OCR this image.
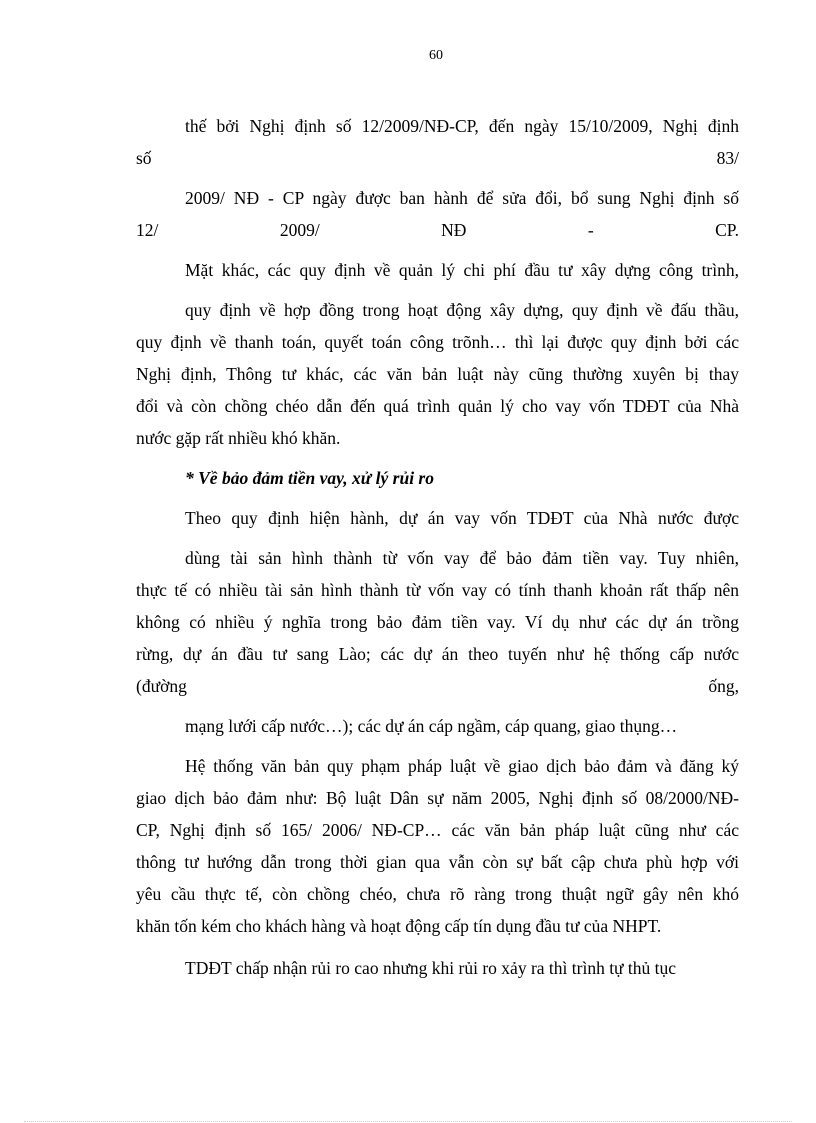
60
thế bởi Nghị định số 12/2009/NĐ-CP, đến ngày 15/10/2009, Nghị định
số	83/
2009/ NĐ - CP ngày được ban hành để sửa đổi, bổ sung Nghị định số
12/	2009/	NĐ	-	CP.
Mặt khác, các quy định về quản lý chi phí đầu tư xây dựng công trình,
quy định về hợp đồng trong hoạt động xây dựng, quy định về đấu thầu,
quy định về thanh toán, quyết toán công trõnh… thì lại được quy định bởi các
Nghị định, Thông tư khác, các văn bản luật này cũng thường xuyên bị thay
đổi và còn chồng chéo dẫn đến quá trình quản lý cho vay vốn TDĐT của Nhà
nước gặp rất nhiều khó khăn.
* Về bảo đảm tiền vay, xử lý rủi ro
Theo quy định hiện hành, dự án vay vốn TDĐT của Nhà nước được
dùng tài sản hình thành từ vốn vay để bảo đảm tiền vay. Tuy nhiên,
thực tế có nhiều tài sản hình thành từ vốn vay có tính thanh khoản rất thấp nên
không có nhiều ý nghĩa trong bảo đảm tiền vay. Ví dụ như các dự án trồng
rừng, dự án đầu tư sang Lào; các dự án theo tuyến như hệ thống cấp nước
(đường	ống,
mạng lưới cấp nước…); các dự án cáp ngầm, cáp quang, giao thụng…
Hệ thống văn bản quy phạm pháp luật về giao dịch bảo đảm và đăng ký
giao dịch bảo đảm như: Bộ luật Dân sự năm 2005, Nghị định số 08/2000/NĐ-
CP, Nghị định số 165/ 2006/ NĐ-CP… các văn bản pháp luật cũng như các
thông tư hướng dẫn trong thời gian qua vẫn còn sự bất cập chưa phù hợp với
yêu cầu thực tế, còn chồng chéo, chưa rõ ràng trong thuật ngữ gây nên khó
khăn tốn kém cho khách hàng và hoạt động cấp tín dụng đầu tư của NHPT.
TDĐT chấp nhận rủi ro cao nhưng khi rủi ro xảy ra thì trình tự thủ tục
